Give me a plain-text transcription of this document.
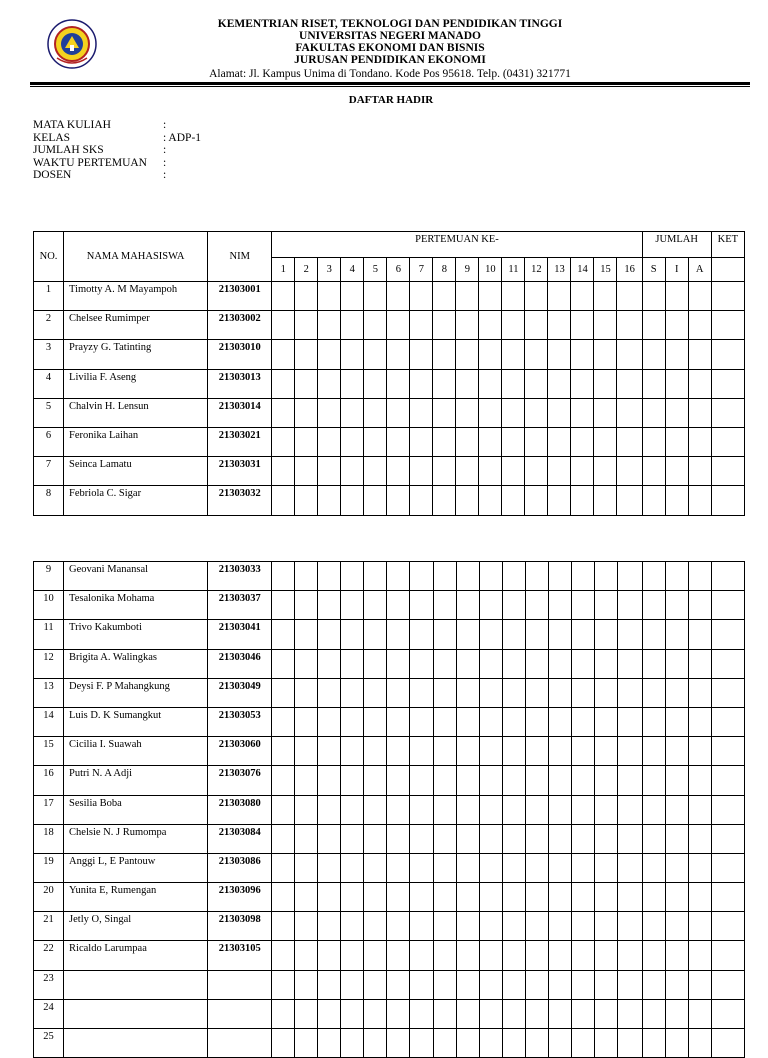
KEMENTRIAN RISET, TEKNOLOGI DAN PENDIDIKAN TINGGI
UNIVERSITAS NEGERI MANADO
FAKULTAS EKONOMI DAN BISNIS
JURUSAN PENDIDIKAN EKONOMI
Alamat: Jl. Kampus Unima di Tondano. Kode Pos 95618. Telp. (0431) 321771
DAFTAR HADIR
MATA KULIAH	:
KELAS	: ADP-1
JUMLAH SKS	:
WAKTU PERTEMUAN	:
DOSEN	:
NO.	NAMA MAHASISWA	NIM	PERTEMUAN KE-																JUMLAH			KET
			1	2	3	4	5	6	7	8	9	10	11	12	13	14	15	16	S	I	A	
1	Timotty A. M Mayampoh	21303001																				
2	Chelsee Rumimper	21303002																				
3	Prayzy G. Tatinting	21303010																				
4	Livilia F. Aseng	21303013																				
5	Chalvin H. Lensun	21303014																				
6	Feronika Laihan	21303021																				
7	Seinca Lamatu	21303031																				
8	Febriola C. Sigar	21303032																				
9	Geovani Manansal	21303033																				
10	Tesalonika Mohama	21303037																				
11	Trivo Kakumboti	21303041																				
12	Brigita A. Walingkas	21303046																				
13	Deysi F. P Mahangkung	21303049																				
14	Luis D. K Sumangkut	21303053																				
15	Cicilia I. Suawah	21303060																				
16	Putri N. A Adji	21303076																				
17	Sesilia Boba	21303080																				
18	Chelsie N. J Rumompa	21303084																				
19	Anggi L, E Pantouw	21303086																				
20	Yunita E, Rumengan	21303096																				
21	Jetly O, Singal	21303098																				
22	Ricaldo Larumpaa	21303105																				
23																						
24																						
25																						
